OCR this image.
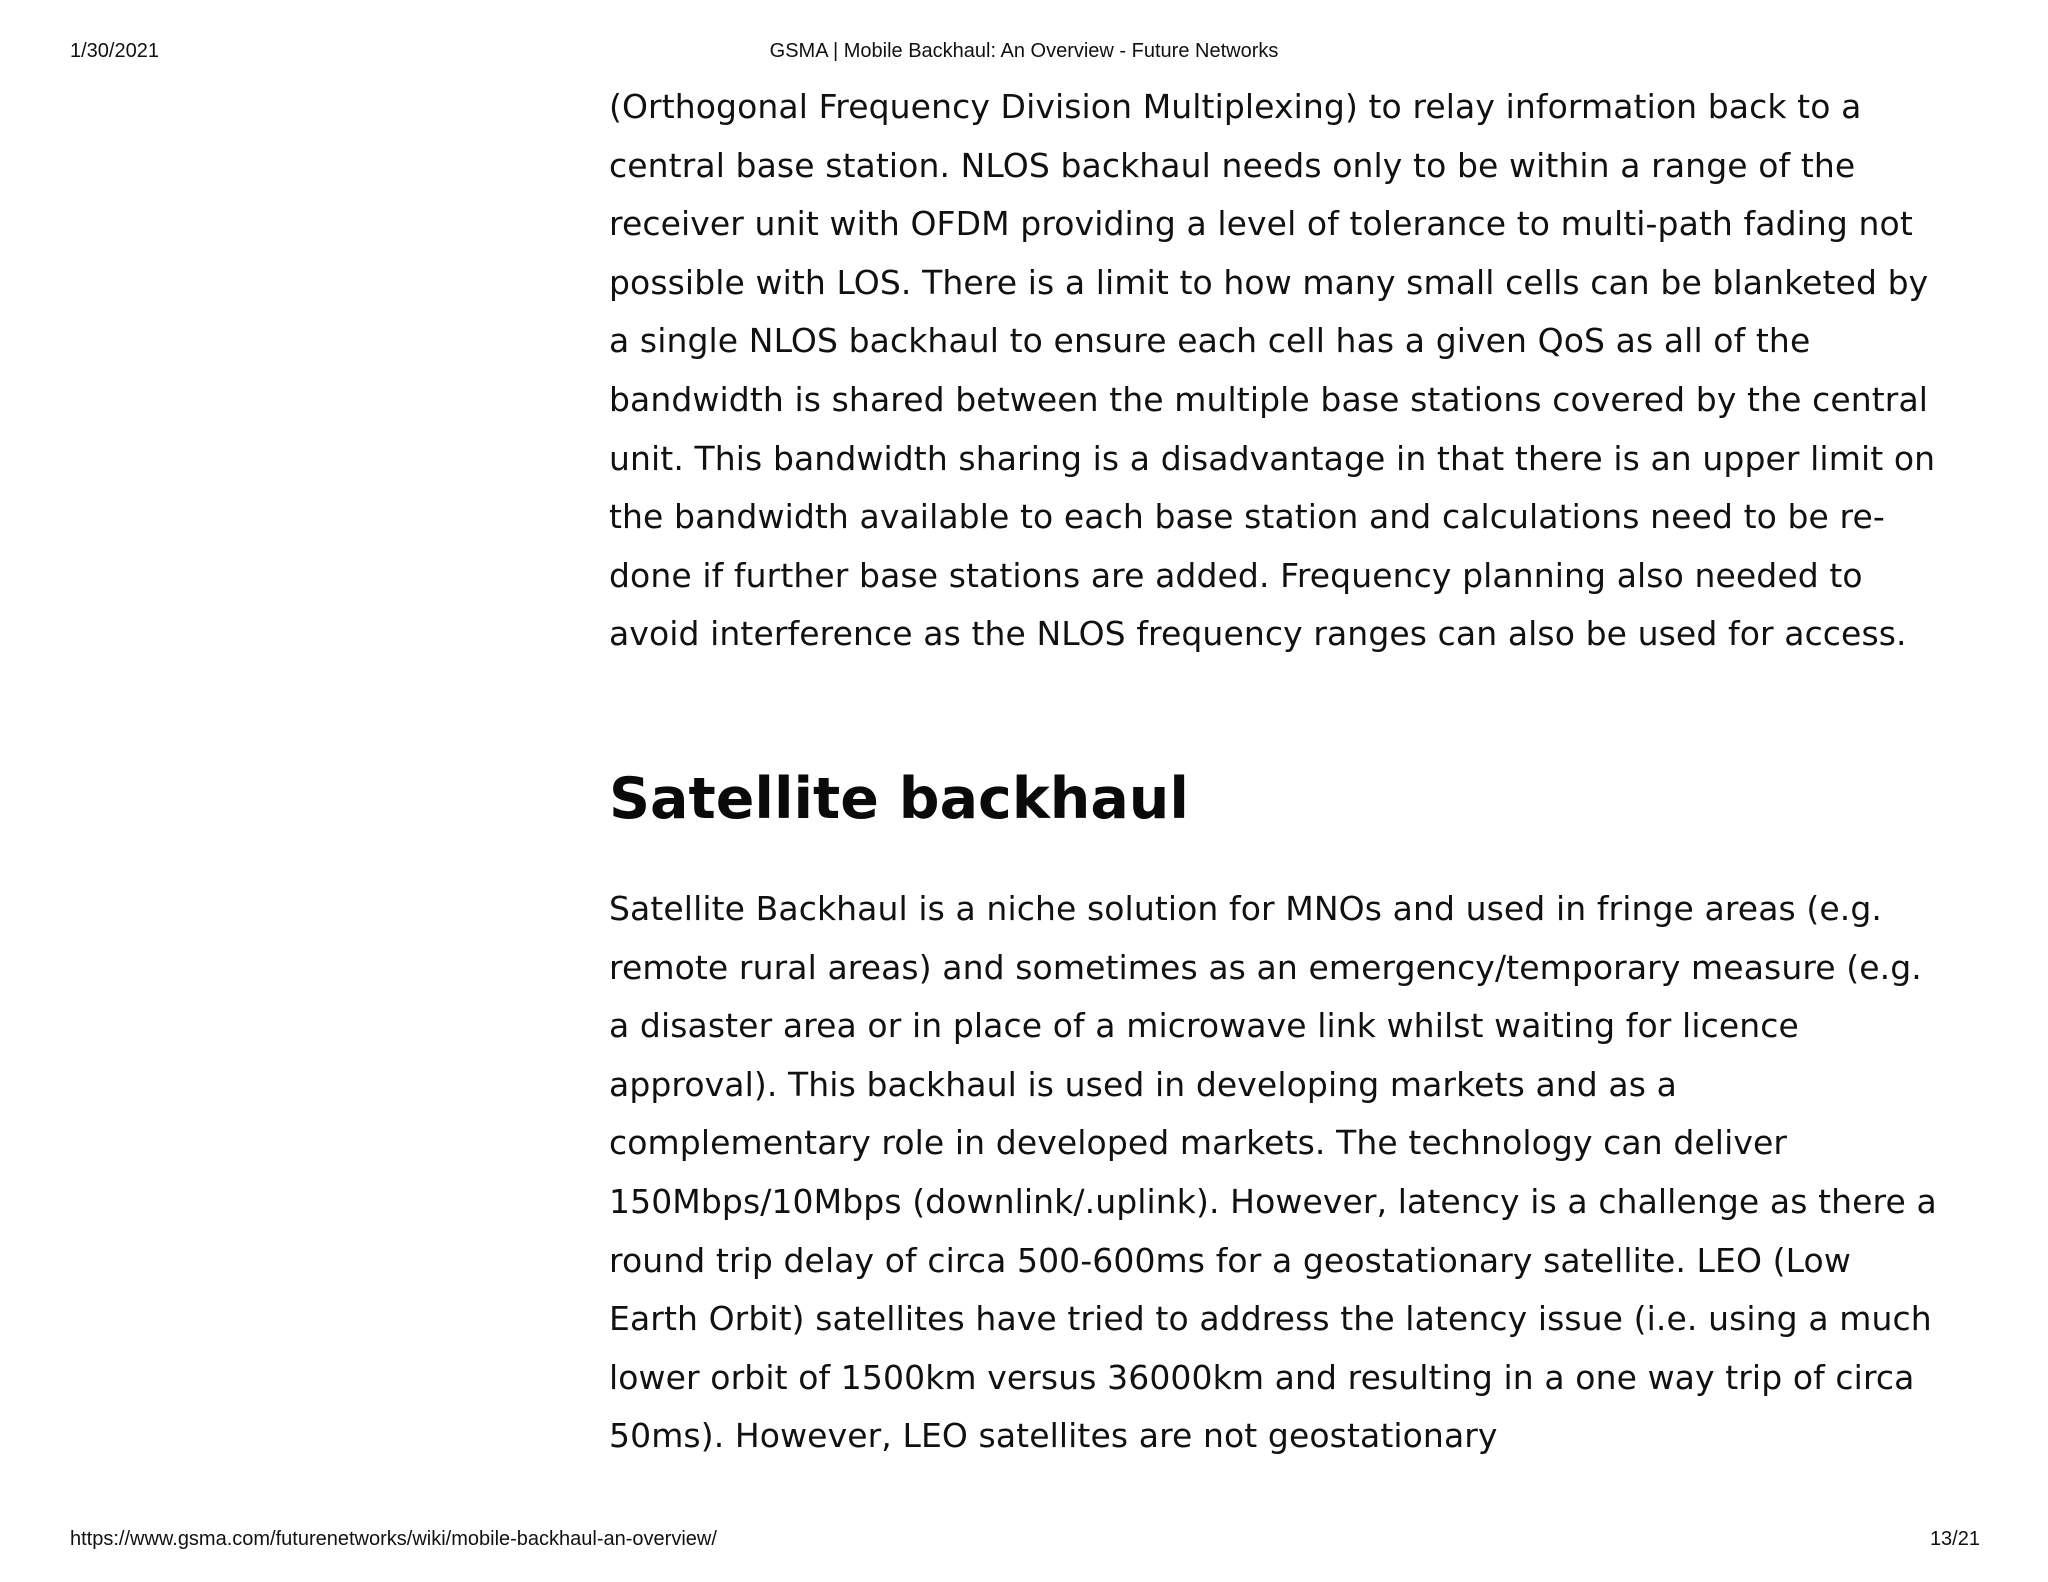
1/30/2021	GSMA | Mobile Backhaul: An Overview - Future Networks

(Orthogonal Frequency Division Multiplexing) to relay information back to a central base station. NLOS backhaul needs only to be within a range of the receiver unit with OFDM providing a level of tolerance to multi-path fading not possible with LOS. There is a limit to how many small cells can be blanketed by a single NLOS backhaul to ensure each cell has a given QoS as all of the bandwidth is shared between the multiple base stations covered by the central unit. This bandwidth sharing is a disadvantage in that there is an upper limit on the bandwidth available to each base station and calculations need to be re-done if further base stations are added. Frequency planning also needed to avoid interference as the NLOS frequency ranges can also be used for access.

Satellite backhaul

Satellite Backhaul is a niche solution for MNOs and used in fringe areas (e.g. remote rural areas) and sometimes as an emergency/temporary measure (e.g. a disaster area or in place of a microwave link whilst waiting for licence approval). This backhaul is used in developing markets and as a complementary role in developed markets. The technology can deliver 150Mbps/10Mbps (downlink/.uplink). However, latency is a challenge as there a round trip delay of circa 500-600ms for a geostationary satellite. LEO (Low Earth Orbit) satellites have tried to address the latency issue (i.e. using a much lower orbit of 1500km versus 36000km and resulting in a one way trip of circa 50ms). However, LEO satellites are not geostationary

https://www.gsma.com/futurenetworks/wiki/mobile-backhaul-an-overview/	13/21
